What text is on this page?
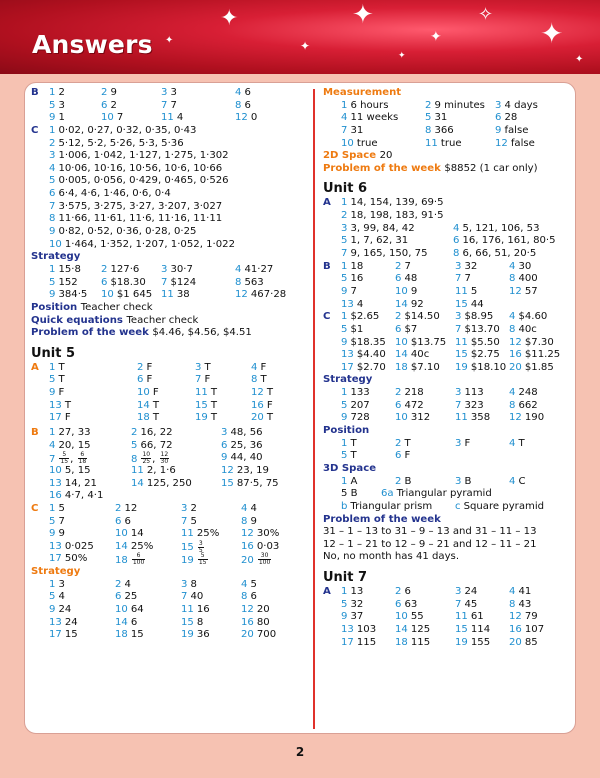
✦	✦
✦
✧
✦
✦
✦
✦	✦
Answers
B 1 2	2 9	3 3	4 6
5 3	6 2	7 7	8 6
9 1	10 7	11 4	12 0
C 1 0·02, 0·27, 0·32, 0·35, 0·43
2 5·12, 5·2, 5·26, 5·3, 5·36
3 1·006, 1·042, 1·127, 1·275, 1·302
4 10·06, 10·16, 10·56, 10·6, 10·66
5 0·005, 0·056, 0·429, 0·465, 0·526
6 6·4, 4·6, 1·46, 0·6, 0·4
7 3·575, 3·275, 3·27, 3·207, 3·027
8 11·66, 11·61, 11·6, 11·16, 11·11
9 0·82, 0·52, 0·36, 0·28, 0·25
10 1·464, 1·352, 1·207, 1·052, 1·022
Strategy
1 15·8 2 127·6 3 30·7	4 41·27
5 152 6 $18.30 7 $124	8 563
9 384·5 10 $1 645 11 38	12 467·28
Position Teacher check
Quick equations Teacher check
Problem of the week $4.46, $4.56, $4.51
Unit 5
A 1 T	2 F	3 T	4 F
5 T	6 F	7 F	8 T
9 F	10 F	11 T	12 T
13 T	14 T	15 T	16 F
17 F	18 T	19 T	20 T
B 1 27, 33	2 16, 22	3 48, 56
4 20, 15	5 66, 72	6 25, 36
$7 \frac{5}{15}$ , $\frac{6}{18}$	$8 \frac{10}{25}$ , $\frac{12}{30}$	9 44, 40
10 5, 15	11 2, 1·6	12 23, 19
13 14, 21	14 125, 250	15 87·5, 75
16 4·7, 4·1
C 1 5	2 12	3 2	4 4
5 7	6 6	7 5	8 9
9 9	10 14	11 25% 12 30%
13 0·025 14 25%	$15 \frac{3}{5}$	16 0·03
17 50%	$18 \frac{6}{100}$	$19 \frac{5}{15}$	$20 \frac{30}{100}$
Strategy
1 3	2 4	3 8	4 5
5 4	6 25	7 40	8 6
9 24	10 64	11 16	12 20
13 24	14 6	15 8	16 80
17 15	18 15	19 36	20 700
Measurement
1 6 hours	2 9 minutes 3 4 days
4 11 weeks	5 31	6 28
7 31	8 366	9 false
10 true	11 true	12 false
2D Space 20
Problem of the week $8852 (1 car only)
Unit 6
A 1 14, 154, 139, 69·5
2 18, 198, 183, 91·5
3 3, 99, 84, 42	4 5, 121, 106, 53
5 1, 7, 62, 31	6 16, 176, 161, 80·5
7 9, 165, 150, 75	8 6, 66, 51, 20·5
B 1 18	2 7	3 32	4 30
5 16	6 48	7 7	8 400
9 7	10 9	11 5	12 57
13 4	14 92	15 44
C 1 $2.65 2 $14.50 3 $8.95 4 $4.60
5 $1	6 $7	7 $13.70 8 40c
9 $18.35 10 $13.75 11 $5.50 12 $7.30
13 $4.40 14 40c	15 $2.75 16 $11.25
17 $2.70 18 $7.10 19 $18.10 20 $1.85
Strategy
1 133	2 218	3 113	4 248
5 207	6 472	7 323	8 662
9 728	10 312 11 358 12 190
Position
1 T	2 T	3 F	4 T
5 T	6 F
3D Space
1 A	2 B	3 B	4 C
5 B 6a Triangular pyramid
b Triangular prism c Square pyramid
Problem of the week
31 – 1 – 13 to 31 – 9 – 13 and 31 – 11 – 13
12 – 1 – 21 to 12 – 9 – 21 and 12 – 11 – 21
No, no month has 41 days.
Unit 7
A 1 13	2 6	3 24	4 41
5 32	6 63	7 45	8 43
9 37	10 55	11 61	12 79
13 103 14 125 15 114 16 107
17 115 18 115 19 155 20 85
2
